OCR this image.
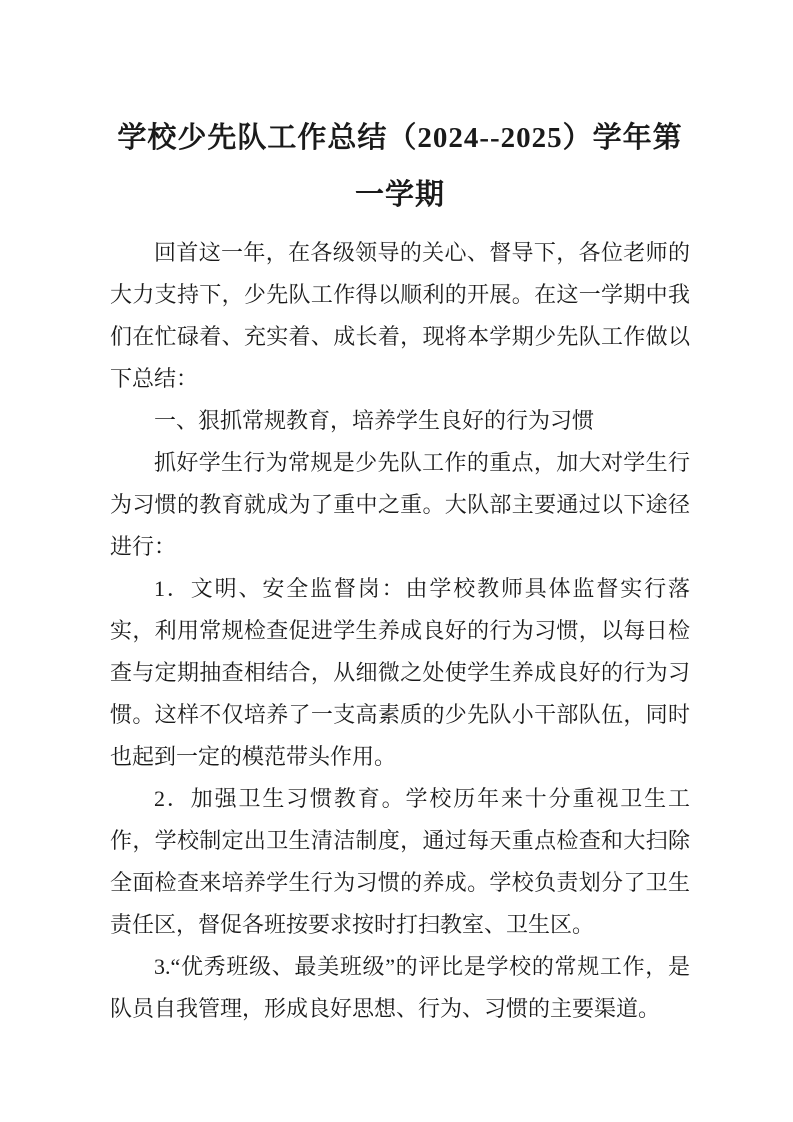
学校少先队工作总结（2024--2025）学年第一学期

回首这一年，在各级领导的关心、督导下，各位老师的大力支持下，少先队工作得以顺利的开展。在这一学期中我们在忙碌着、充实着、成长着，现将本学期少先队工作做以下总结：

一、狠抓常规教育，培养学生良好的行为习惯

抓好学生行为常规是少先队工作的重点，加大对学生行为习惯的教育就成为了重中之重。大队部主要通过以下途径进行：

1．文明、安全监督岗：由学校教师具体监督实行落实，利用常规检查促进学生养成良好的行为习惯，以每日检查与定期抽查相结合，从细微之处使学生养成良好的行为习惯。这样不仅培养了一支高素质的少先队小干部队伍，同时也起到一定的模范带头作用。

2．加强卫生习惯教育。学校历年来十分重视卫生工作，学校制定出卫生清洁制度，通过每天重点检查和大扫除全面检查来培养学生行为习惯的养成。学校负责划分了卫生责任区，督促各班按要求按时打扫教室、卫生区。

3.“优秀班级、最美班级”的评比是学校的常规工作，是队员自我管理，形成良好思想、行为、习惯的主要渠道。
